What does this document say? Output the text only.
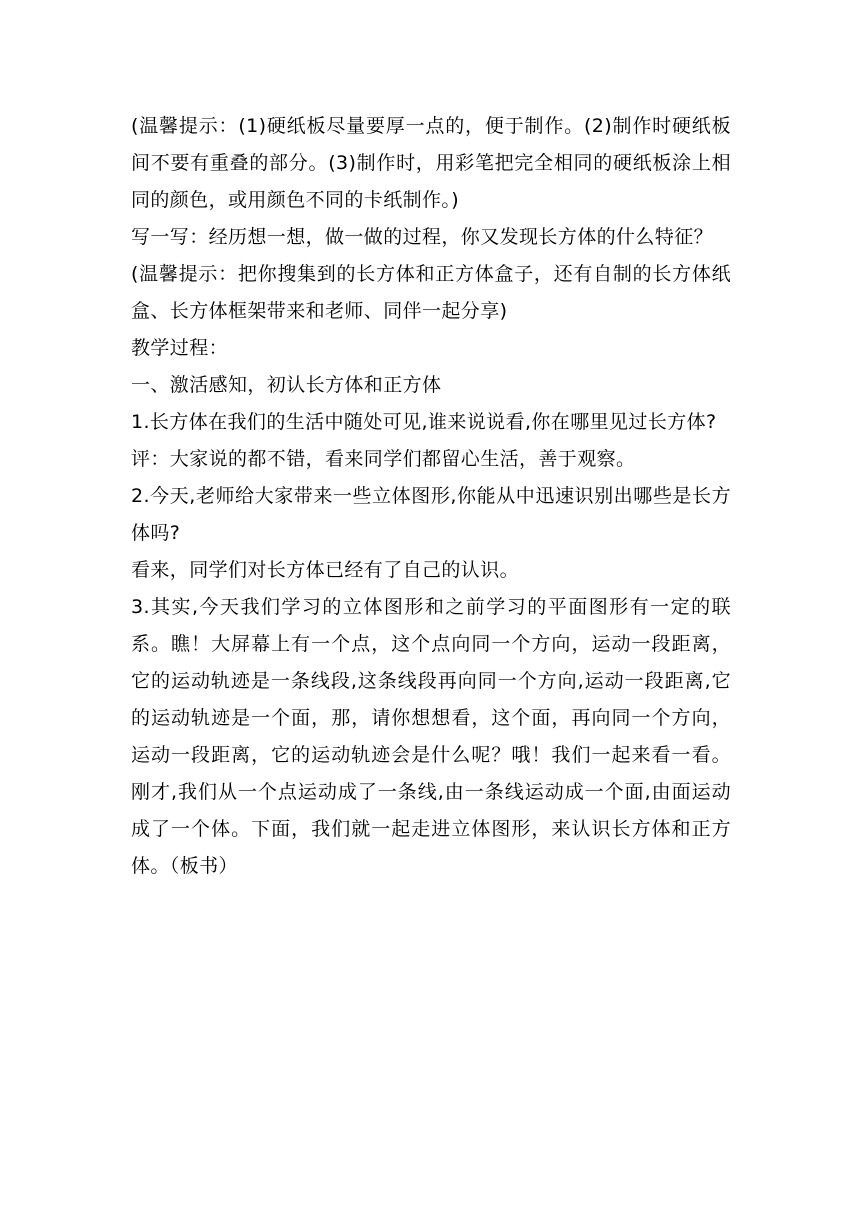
(温馨提示：(1)硬纸板尽量要厚一点的，便于制作。(2)制作时硬纸板间不要有重叠的部分。(3)制作时，用彩笔把完全相同的硬纸板涂上相同的颜色，或用颜色不同的卡纸制作。)

写一写：经历想一想，做一做的过程，你又发现长方体的什么特征？

(温馨提示：把你搜集到的长方体和正方体盒子，还有自制的长方体纸盒、长方体框架带来和老师、同伴一起分享)

教学过程：

一、激活感知，初认长方体和正方体

1.长方体在我们的生活中随处可见,谁来说说看,你在哪里见过长方体?

评：大家说的都不错，看来同学们都留心生活，善于观察。

2.今天,老师给大家带来一些立体图形,你能从中迅速识别出哪些是长方体吗?

看来，同学们对长方体已经有了自己的认识。

3.其实,今天我们学习的立体图形和之前学习的平面图形有一定的联系。瞧！大屏幕上有一个点，这个点向同一个方向，运动一段距离，它的运动轨迹是一条线段,这条线段再向同一个方向,运动一段距离,它的运动轨迹是一个面，那，请你想想看，这个面，再向同一个方向，运动一段距离，它的运动轨迹会是什么呢？哦！我们一起来看一看。刚才,我们从一个点运动成了一条线,由一条线运动成一个面,由面运动成了一个体。下面，我们就一起走进立体图形，来认识长方体和正方体。（板书）
